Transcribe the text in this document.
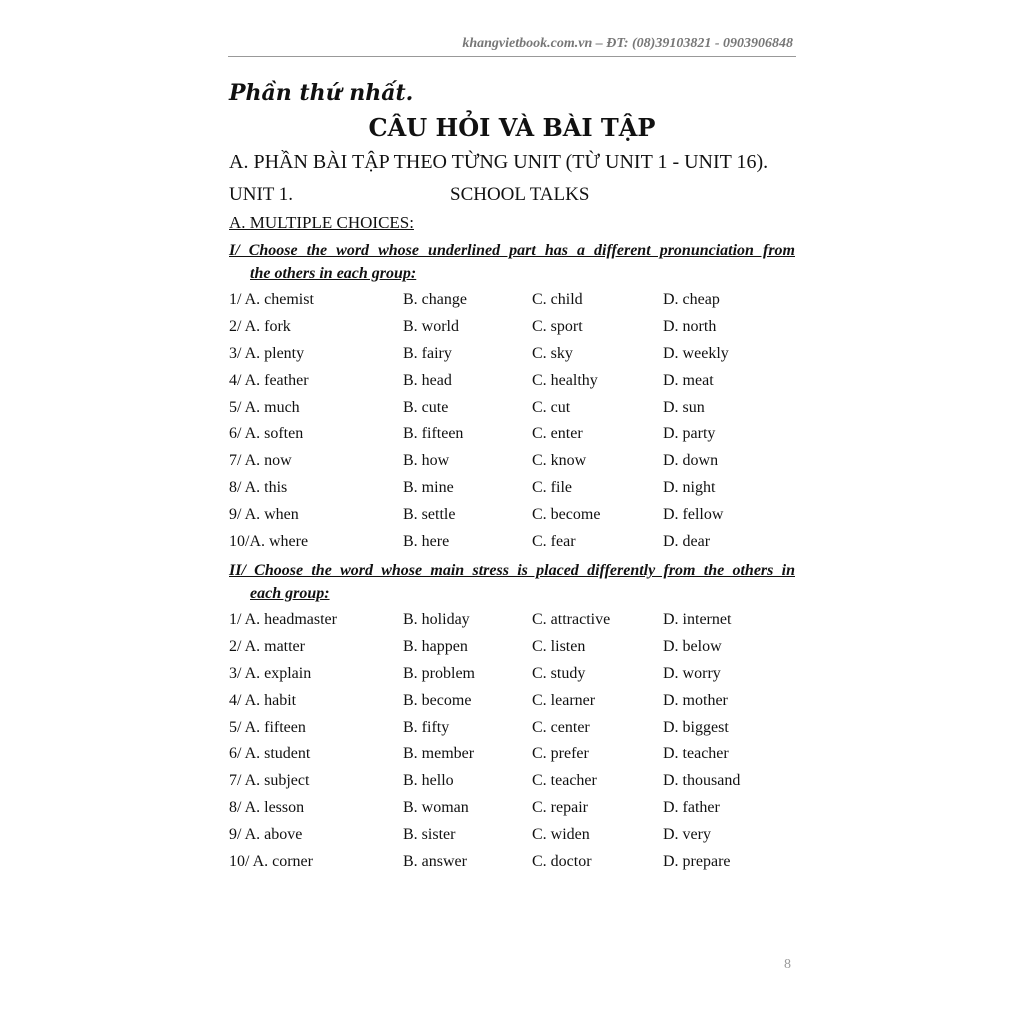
khangvietbook.com.vn – ĐT: (08)39103821 - 0903906848
Phần thứ nhất.
CÂU HỎI VÀ BÀI TẬP
A. PHẦN BÀI TẬP THEO TỪNG UNIT (TỪ UNIT 1 - UNIT 16).
UNIT 1.	SCHOOL TALKS
A. MULTIPLE CHOICES:
I/ Choose the word whose underlined part has a different pronunciation from
the others in each group:
1/ A. chemist	B. change	C. child	D. cheap
2/ A. fork	B. world	C. sport	D. north
3/ A. plenty	B. fairy	C. sky	D. weekly
4/ A. feather	B. head	C. healthy	D. meat
5/ A. much	B. cute	C. cut	D. sun
6/ A. soften	B. fifteen	C. enter	D. party
7/ A. now	B. how	C. know	D. down
8/ A. this	B. mine	C. file	D. night
9/ A. when	B. settle	C. become	D. fellow
10/A. where	B. here	C. fear	D. dear
II/ Choose the word whose main stress is placed differently from the others in
each group:
1/ A. headmaster	B. holiday	C. attractive	D. internet
2/ A. matter	B. happen	C. listen	D. below
3/ A. explain	B. problem	C. study	D. worry
4/ A. habit	B. become	C. learner	D. mother
5/ A. fifteen	B. fifty	C. center	D. biggest
6/ A. student	B. member	C. prefer	D. teacher
7/ A. subject	B. hello	C. teacher	D. thousand
8/ A. lesson	B. woman	C. repair	D. father
9/ A. above	B. sister	C. widen	D. very
10/ A. corner	B. answer	C. doctor	D. prepare
8
